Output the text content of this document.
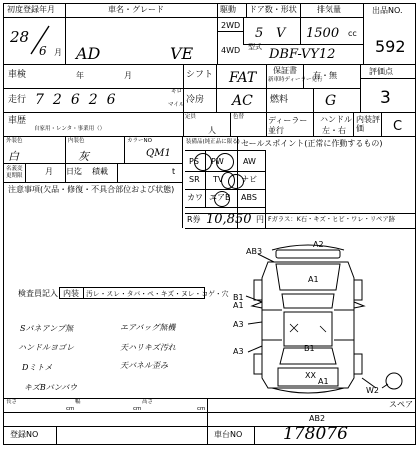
初度登録年月
28
6 月
車名・グレード
AD	VE
駆動
2WD
4WD
ドア数・形状
5 V
排気量
1500 cc
型式 DBF-VY12
出品NO.
592
車検	年	月	シフト FAT 保証書
新車時ディーラー発行
有・無	評価点
3
走行 72626	キロ
マイル 冷房 AC 燃料	G
車歴
自家用・レンタ・事業用（）
定員
人
色替	ディーラー並行
ハンドル
左・右
内装評価	C
外装色
白
内装色
灰
カラーNO
QM1
装備品(純正品に限る) セールスポイント(正常に作動するもの)
名義変更期限
月 日迄 積載	t
注意事項(欠品・修復・不具合部位および状態)
PS PW AW
SR TV ナビ
カワ エアB ABS
R券 10,850 円 Fガラス：K石・キズ・ヒビ・ワレ・リペア跡
検査員記入 内装 汚レ・スレ・タバ・ペ・キズ・ヌレ・コゲ・穴
Sパネアンプ無	エアバッグ無機
ハンドルヨゴレ	天ハリキズ汚れ
Dミトメ	天バネル歪み
キズBバンバウ
A2
AB3
A1
B1
A1
A3
A3	B1
XX
A1
W2
AB2
スペア
長さ
cm
幅
cm
高さ
cm
登録NO	車台NO 178076
